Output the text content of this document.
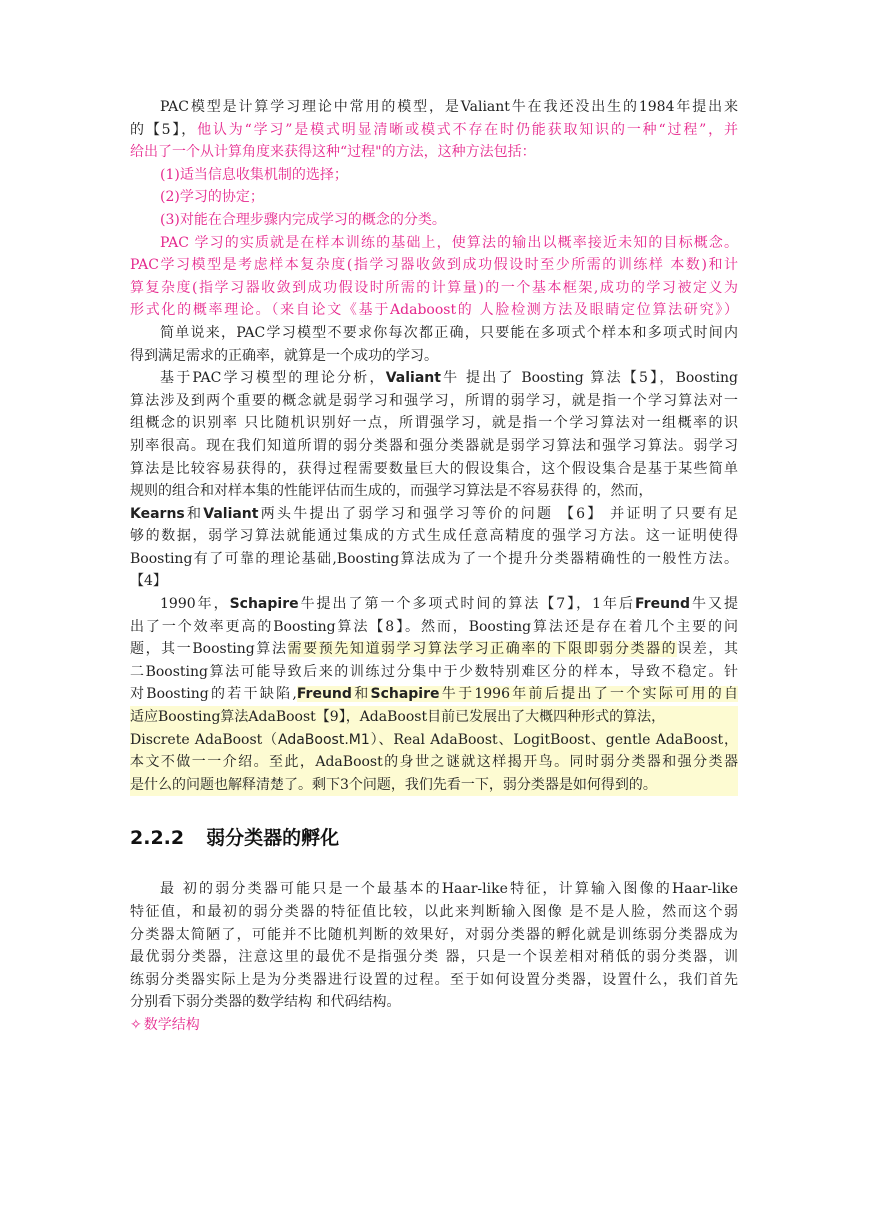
PAC模型是计算学习理论中常用的模型，是Valiant牛在我还没出生的1984年提出来
的【5】，他认为“学习”是模式明显清晰或模式不存在时仍能获取知识的一种“过程”，并
给出了一个从计算角度来获得这种“过程"的方法，这种方法包括：
(1)适当信息收集机制的选择；
(2)学习的协定；
(3)对能在合理步骤内完成学习的概念的分类。
PAC 学习的实质就是在样本训练的基础上，使算法的输出以概率接近未知的目标概念。
PAC学习模型是考虑样本复杂度(指学习器收敛到成功假设时至少所需的训练样 本数)和计
算复杂度(指学习器收敛到成功假设时所需的计算量)的一个基本框架,成功的学习被定义为
形式化的概率理论。（来自论文《基于Adaboost的 人脸检测方法及眼睛定位算法研究》）
简单说来，PAC学习模型不要求你每次都正确，只要能在多项式个样本和多项式时间内
得到满足需求的正确率，就算是一个成功的学习。
基于PAC学习模型的理论分析，Valiant牛 提出了 Boosting 算法【5】，Boosting
算法涉及到两个重要的概念就是弱学习和强学习，所谓的弱学习，就是指一个学习算法对一
组概念的识别率 只比随机识别好一点，所谓强学习，就是指一个学习算法对一组概率的识
别率很高。现在我们知道所谓的弱分类器和强分类器就是弱学习算法和强学习算法。弱学习
算法是比较容易获得的，获得过程需要数量巨大的假设集合，这个假设集合是基于某些简单
规则的组合和对样本集的性能评估而生成的，而强学习算法是不容易获得 的，然而，
Kearns和Valiant两头牛提出了弱学习和强学习等价的问题 【6】 并证明了只要有足
够的数据，弱学习算法就能通过集成的方式生成任意高精度的强学习方法。这一证明使得
Boosting有了可靠的理论基础,Boosting算法成为了一个提升分类器精确性的一般性方法。
【4】
1990年，Schapire牛提出了第一个多项式时间的算法【7】，1年后Freund牛又提
出了一个效率更高的Boosting算法【8】。然而，Boosting算法还是存在着几个主要的问
题，其一Boosting算法需要预先知道弱学习算法学习正确率的下限即弱分类器的误差，其
二Boosting算法可能导致后来的训练过分集中于少数特别难区分的样本，导致不稳定。针
对Boosting的若干缺陷,Freund和Schapire牛于1996年前后提出了一个实际可用的自
适应Boosting算法AdaBoost【9】，AdaBoost目前已发展出了大概四种形式的算法，
Discrete AdaBoost（AdaBoost.M1）、Real AdaBoost、LogitBoost、gentle AdaBoost，
本文不做一一介绍。至此，AdaBoost的身世之谜就这样揭开鸟。同时弱分类器和强分类器
是什么的问题也解释清楚了。剩下3个问题，我们先看一下，弱分类器是如何得到的。
2.2.2 弱分类器的孵化
最 初的弱分类器可能只是一个最基本的Haar-like特征，计算输入图像的Haar-like
特征值，和最初的弱分类器的特征值比较，以此来判断输入图像 是不是人脸，然而这个弱
分类器太简陋了，可能并不比随机判断的效果好，对弱分类器的孵化就是训练弱分类器成为
最优弱分类器，注意这里的最优不是指强分类 器，只是一个误差相对稍低的弱分类器，训
练弱分类器实际上是为分类器进行设置的过程。至于如何设置分类器，设置什么，我们首先
分别看下弱分类器的数学结构 和代码结构。
✧ 数学结构
